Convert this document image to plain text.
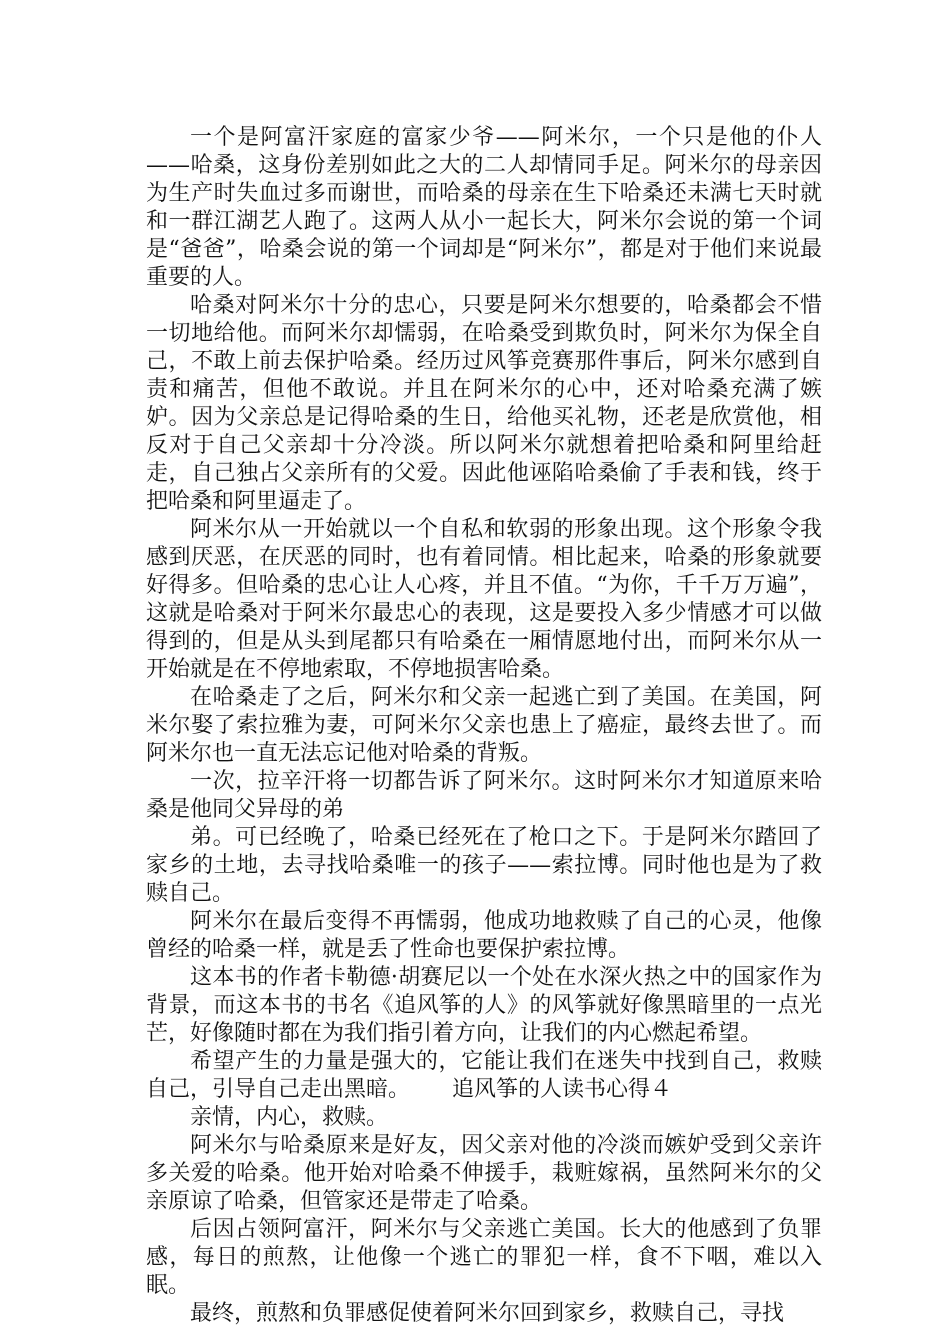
一个是阿富汗家庭的富家少爷——阿米尔，一个只是他的仆人——哈桑，这身份差别如此之大的二人却情同手足。阿米尔的母亲因为生产时失血过多而谢世，而哈桑的母亲在生下哈桑还未满七天时就和一群江湖艺人跑了。这两人从小一起长大，阿米尔会说的第一个词是“爸爸”，哈桑会说的第一个词却是“阿米尔”，都是对于他们来说最重要的人。

哈桑对阿米尔十分的忠心，只要是阿米尔想要的，哈桑都会不惜一切地给他。而阿米尔却懦弱，在哈桑受到欺负时，阿米尔为保全自己，不敢上前去保护哈桑。经历过风筝竞赛那件事后，阿米尔感到自责和痛苦，但他不敢说。并且在阿米尔的心中，还对哈桑充满了嫉妒。因为父亲总是记得哈桑的生日，给他买礼物，还老是欣赏他，相反对于自己父亲却十分冷淡。所以阿米尔就想着把哈桑和阿里给赶走，自己独占父亲所有的父爱。因此他诬陷哈桑偷了手表和钱，终于把哈桑和阿里逼走了。

阿米尔从一开始就以一个自私和软弱的形象出现。这个形象令我感到厌恶，在厌恶的同时，也有着同情。相比起来，哈桑的形象就要好得多。但哈桑的忠心让人心疼，并且不值。“为你，千千万万遍”，这就是哈桑对于阿米尔最忠心的表现，这是要投入多少情感才可以做得到的，但是从头到尾都只有哈桑在一厢情愿地付出，而阿米尔从一开始就是在不停地索取，不停地损害哈桑。

在哈桑走了之后，阿米尔和父亲一起逃亡到了美国。在美国，阿米尔娶了索拉雅为妻，可阿米尔父亲也患上了癌症，最终去世了。而阿米尔也一直无法忘记他对哈桑的背叛。

一次，拉辛汗将一切都告诉了阿米尔。这时阿米尔才知道原来哈桑是他同父异母的弟

弟。可已经晚了，哈桑已经死在了枪口之下。于是阿米尔踏回了家乡的土地，去寻找哈桑唯一的孩子——索拉博。同时他也是为了救赎自己。

阿米尔在最后变得不再懦弱，他成功地救赎了自己的心灵，他像曾经的哈桑一样，就是丢了性命也要保护索拉博。

这本书的作者卡勒德·胡赛尼以一个处在水深火热之中的国家作为背景，而这本书的书名《追风筝的人》的风筝就好像黑暗里的一点光芒，好像随时都在为我们指引着方向，让我们的内心燃起希望。

希望产生的力量是强大的，它能让我们在迷失中找到自己，救赎自己，引导自己走出黑暗。      追风筝的人读书心得４

亲情，内心，救赎。

阿米尔与哈桑原来是好友，因父亲对他的冷淡而嫉妒受到父亲许多关爱的哈桑。他开始对哈桑不伸援手，栽赃嫁祸，虽然阿米尔的父亲原谅了哈桑，但管家还是带走了哈桑。

后因占领阿富汗，阿米尔与父亲逃亡美国。长大的他感到了负罪感，每日的煎熬，让他像一个逃亡的罪犯一样，食不下咽，难以入眠。

最终，煎熬和负罪感促使着阿米尔回到家乡，救赎自己，寻找
